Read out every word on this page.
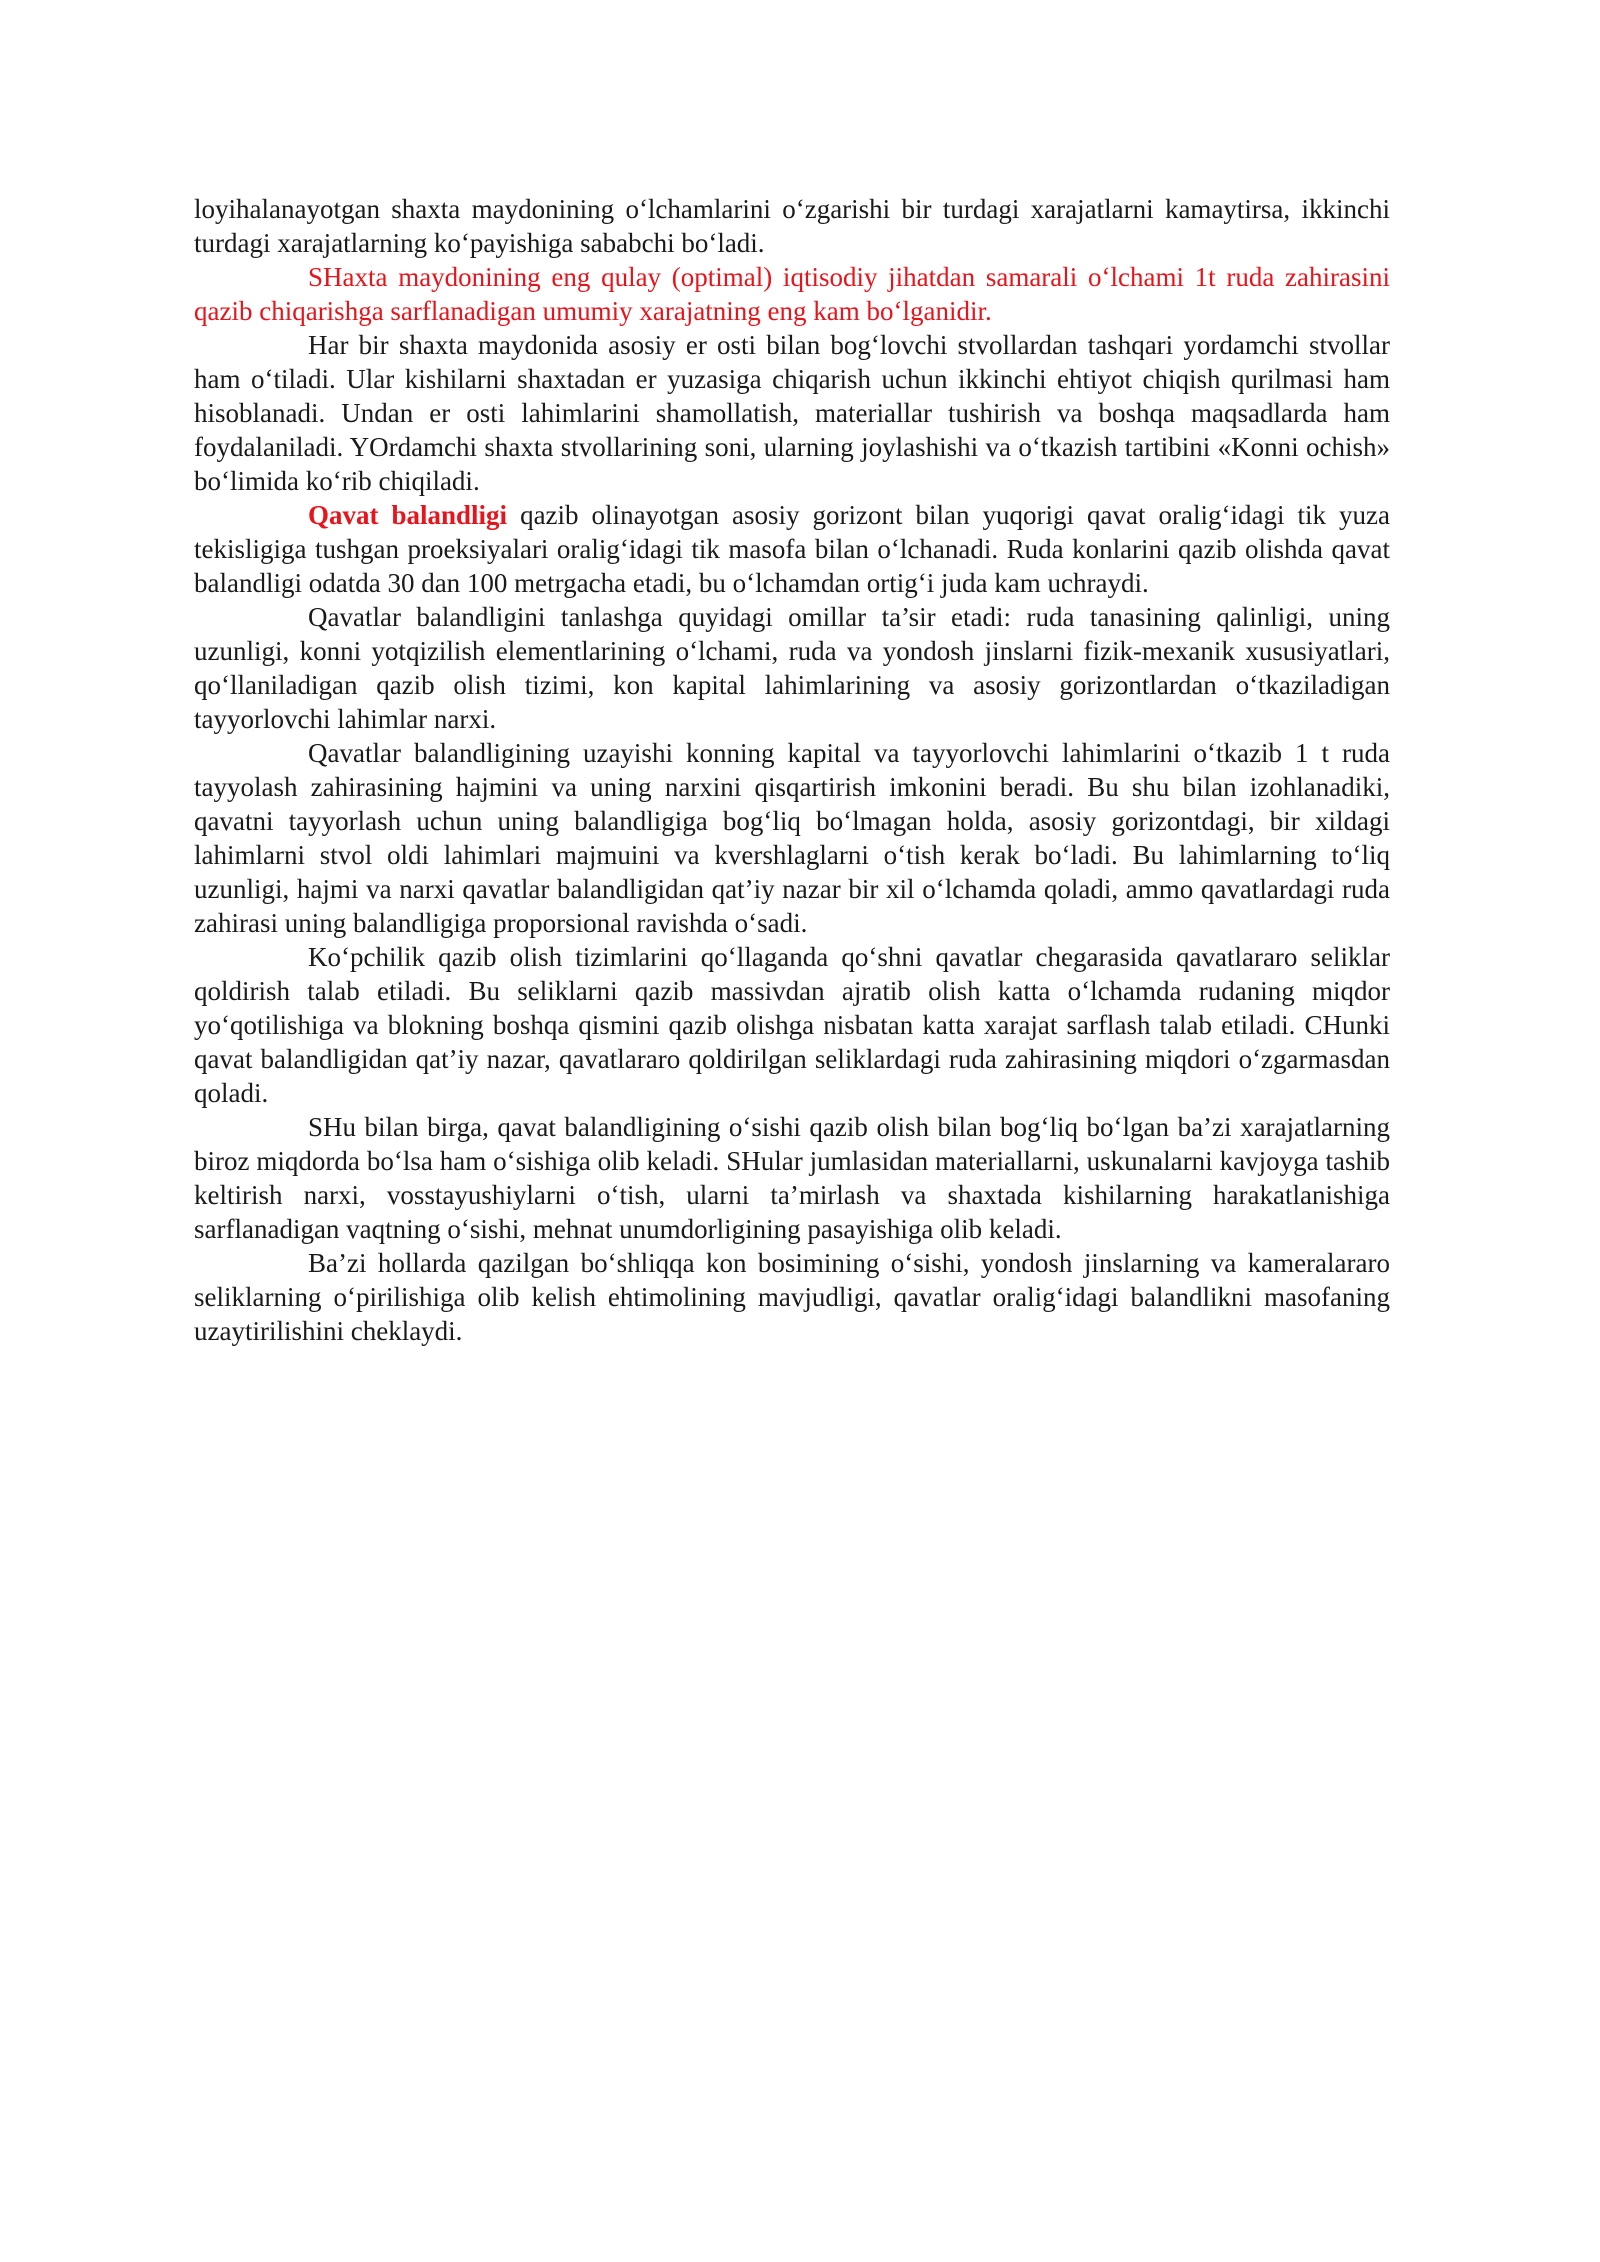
loyihalanayotgan shaxta maydonining o‘lchamlarini o‘zgarishi bir turdagi xarajatlarni kamaytirsa, ikkinchi turdagi xarajatlarning ko‘payishiga sababchi bo‘ladi.

SHaxta maydonining eng qulay (optimal) iqtisodiy jihatdan samarali o‘lchami 1t ruda zahirasini qazib chiqarishga sarflanadigan umumiy xarajatning eng kam bo‘lganidir.

Har bir shaxta maydonida asosiy er osti bilan bog‘lovchi stvollardan tashqari yordamchi stvollar ham o‘tiladi. Ular kishilarni shaxtadan er yuzasiga chiqarish uchun ikkinchi ehtiyot chiqish qurilmasi ham hisoblanadi. Undan er osti lahimlarini shamollatish, materiallar tushirish va boshqa maqsadlarda ham foydalaniladi. YOrdamchi shaxta stvollarining soni, ularning joylashishi va o‘tkazish tartibini «Konni ochish» bo‘limida ko‘rib chiqiladi.

Qavat balandligi qazib olinayotgan asosiy gorizont bilan yuqorigi qavat oralig‘idagi tik yuza tekisligiga tushgan proeksiyalari oralig‘idagi tik masofa bilan o‘lchanadi. Ruda konlarini qazib olishda qavat balandligi odatda 30 dan 100 metrgacha etadi, bu o‘lchamdan ortig‘i juda kam uchraydi.

Qavatlar balandligini tanlashga quyidagi omillar ta’sir etadi: ruda tanasining qalinligi, uning uzunligi, konni yotqizilish elementlarining o‘lchami, ruda va yondosh jinslarni fizik-mexanik xususiyatlari, qo‘llaniladigan qazib olish tizimi, kon kapital lahimlarining va asosiy gorizontlardan o‘tkaziladigan tayyorlovchi lahimlar narxi.

Qavatlar balandligining uzayishi konning kapital va tayyorlovchi lahimlarini o‘tkazib 1 t ruda tayyolash zahirasining hajmini va uning narxini qisqartirish imkonini beradi. Bu shu bilan izohlanadiki, qavatni tayyorlash uchun uning balandligiga bog‘liq bo‘lmagan holda, asosiy gorizontdagi, bir xildagi lahimlarni stvol oldi lahimlari majmuini va kvershlaglarni o‘tish kerak bo‘ladi. Bu lahimlarning to‘liq uzunligi, hajmi va narxi qavatlar balandligidan qat’iy nazar bir xil o‘lchamda qoladi, ammo qavatlardagi ruda zahirasi uning balandligiga proporsional ravishda o‘sadi.

Ko‘pchilik qazib olish tizimlarini qo‘llaganda qo‘shni qavatlar chegarasida qavatlararo seliklar qoldirish talab etiladi. Bu seliklarni qazib massivdan ajratib olish katta o‘lchamda rudaning miqdor yo‘qotilishiga va blokning boshqa qismini qazib olishga nisbatan katta xarajat sarflash talab etiladi. CHunki qavat balandligidan qat’iy nazar, qavatlararo qoldirilgan seliklardagi ruda zahirasining miqdori o‘zgarmasdan qoladi.

SHu bilan birga, qavat balandligining o‘sishi qazib olish bilan bog‘liq bo‘lgan ba’zi xarajatlarning biroz miqdorda bo‘lsa ham o‘sishiga olib keladi. SHular jumlasidan materiallarni, uskunalarni kavjoyga tashib keltirish narxi, vosstayushiylarni o‘tish, ularni ta’mirlash va shaxtada kishilarning harakatlanishiga sarflanadigan vaqtning o‘sishi, mehnat unumdorligining pasayishiga olib keladi.

Ba’zi hollarda qazilgan bo‘shliqqa kon bosimining o‘sishi, yondosh jinslarning va kameralararo seliklarning o‘pirilishiga olib kelish ehtimolining mavjudligi, qavatlar oralig‘idagi balandlikni masofaning uzaytirilishini cheklaydi.
